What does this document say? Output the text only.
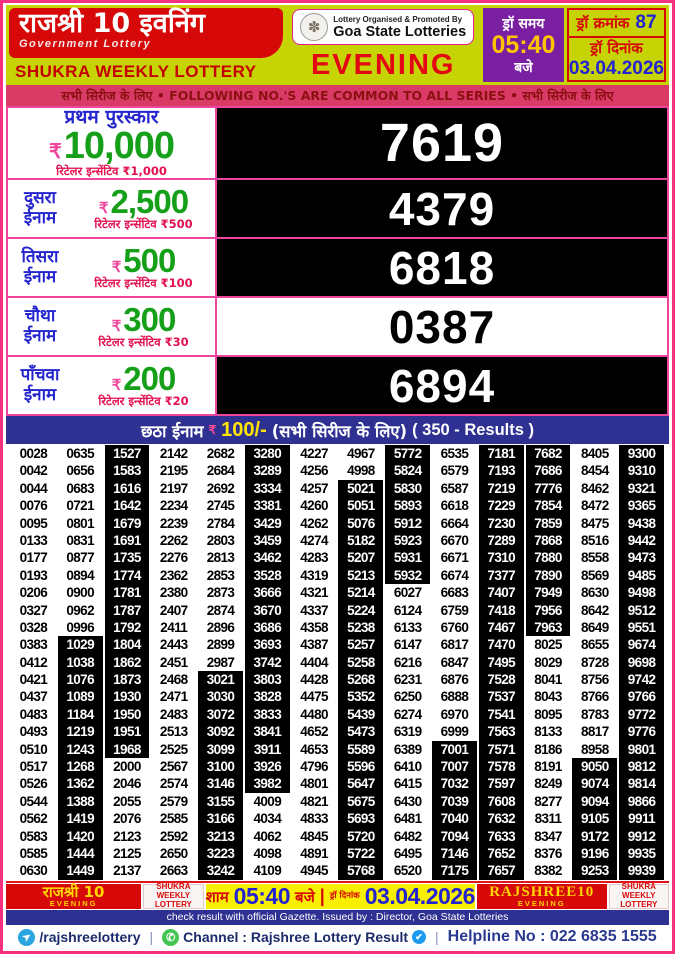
राजश्री 10 इवनिंग
Government Lottery
SHUKRA WEEKLY LOTTERY
✽	Lottery Organised & Promoted By
Goa State Lotteries
EVENING
ड्रॉ समय
05:40
बजे
ड्रॉ क्रमांक 87
ड्रॉ दिनांक
03.04.2026
सभी सिरीज के लिए • FOLLOWING NO.'S ARE COMMON TO ALL SERIES • सभी सिरीज के लिए
प्रथम पुरस्कार
₹ 10,000
रिटेलर इन्सेंटिव ₹1,000	7619
दुसरा
ईनाम	₹ 2,500
रिटेलर इन्सेंटिव ₹500	4379
तिसरा
ईनाम	₹ 500
रिटेलर इन्सेंटिव ₹100	6818
चौथा
ईनाम	₹ 300
रिटेलर इन्सेंटिव ₹30	0387
पाँचवा
ईनाम	₹ 200
रिटेलर इन्सेंटिव ₹20	6894
छठा ईनाम ₹ 100/- (सभी सिरीज के लिए) ( 350 - Results )
0028	0635	1527	2142	2682	3280	4227	4967	5772	6535	7181	7682	8405	9300
0042	0656	1583	2195	2684	3289	4256	4998	5824	6579	7193	7686	8454	9310
0044	0683	1616	2197	2692	3334	4257	5021	5830	6587	7219	7776	8462	9321
0076	0721	1642	2234	2745	3381	4260	5051	5893	6618	7229	7854	8472	9365
0095	0801	1679	2239	2784	3429	4262	5076	5912	6664	7230	7859	8475	9438
0133	0831	1691	2262	2803	3459	4274	5182	5923	6670	7289	7868	8516	9442
0177	0877	1735	2276	2813	3462	4283	5207	5931	6671	7310	7880	8558	9473
0193	0894	1774	2362	2853	3528	4319	5213	5932	6674	7377	7890	8569	9485
0206	0900	1781	2380	2873	3666	4321	5214	6027	6683	7407	7949	8630	9498
0327	0962	1787	2407	2874	3670	4337	5224	6124	6759	7418	7956	8642	9512
0328	0996	1792	2411	2896	3686	4358	5238	6133	6760	7467	7963	8649	9551
0383	1029	1804	2443	2899	3693	4387	5257	6147	6817	7470	8025	8655	9674
0412	1038	1862	2451	2987	3742	4404	5258	6216	6847	7495	8029	8728	9698
0421	1076	1873	2468	3021	3803	4428	5268	6231	6876	7528	8041	8756	9742
0437	1089	1930	2471	3030	3828	4475	5352	6250	6888	7537	8043	8766	9766
0483	1184	1950	2483	3072	3833	4480	5439	6274	6970	7541	8095	8783	9772
0493	1219	1951	2513	3092	3841	4652	5473	6319	6999	7563	8133	8817	9776
0510	1243	1968	2525	3099	3911	4653	5589	6389	7001	7571	8186	8958	9801
0517	1268	2000	2567	3100	3926	4796	5596	6410	7007	7578	8191	9050	9812
0526	1362	2046	2574	3146	3982	4801	5647	6415	7032	7597	8249	9074	9814
0544	1388	2055	2579	3155	4009	4821	5675	6430	7039	7608	8277	9094	9866
0562	1419	2076	2585	3166	4034	4833	5693	6481	7040	7632	8311	9105	9911
0583	1420	2123	2592	3213	4062	4845	5720	6482	7094	7633	8347	9172	9912
0585	1444	2125	2650	3223	4098	4891	5722	6495	7146	7652	8376	9196	9935
0630	1449	2137	2663	3242	4109	4945	5768	6520	7175	7657	8382	9253	9939
राजश्री 10
EVENING
SHUKRA WEEKLY LOTTERY शाम 05:40 बजे | ड्रॉ दिनांक 03.04.2026 RAJSHREE10
EVENING
SHUKRA WEEKLY LOTTERY
check result with official Gazette. Issued by : Director, Goa State Lotteries
➤ /rajshreelottery |	✆ Channel : Rajshree Lottery Result ✔ | Helpline No : 022 6835 1555
